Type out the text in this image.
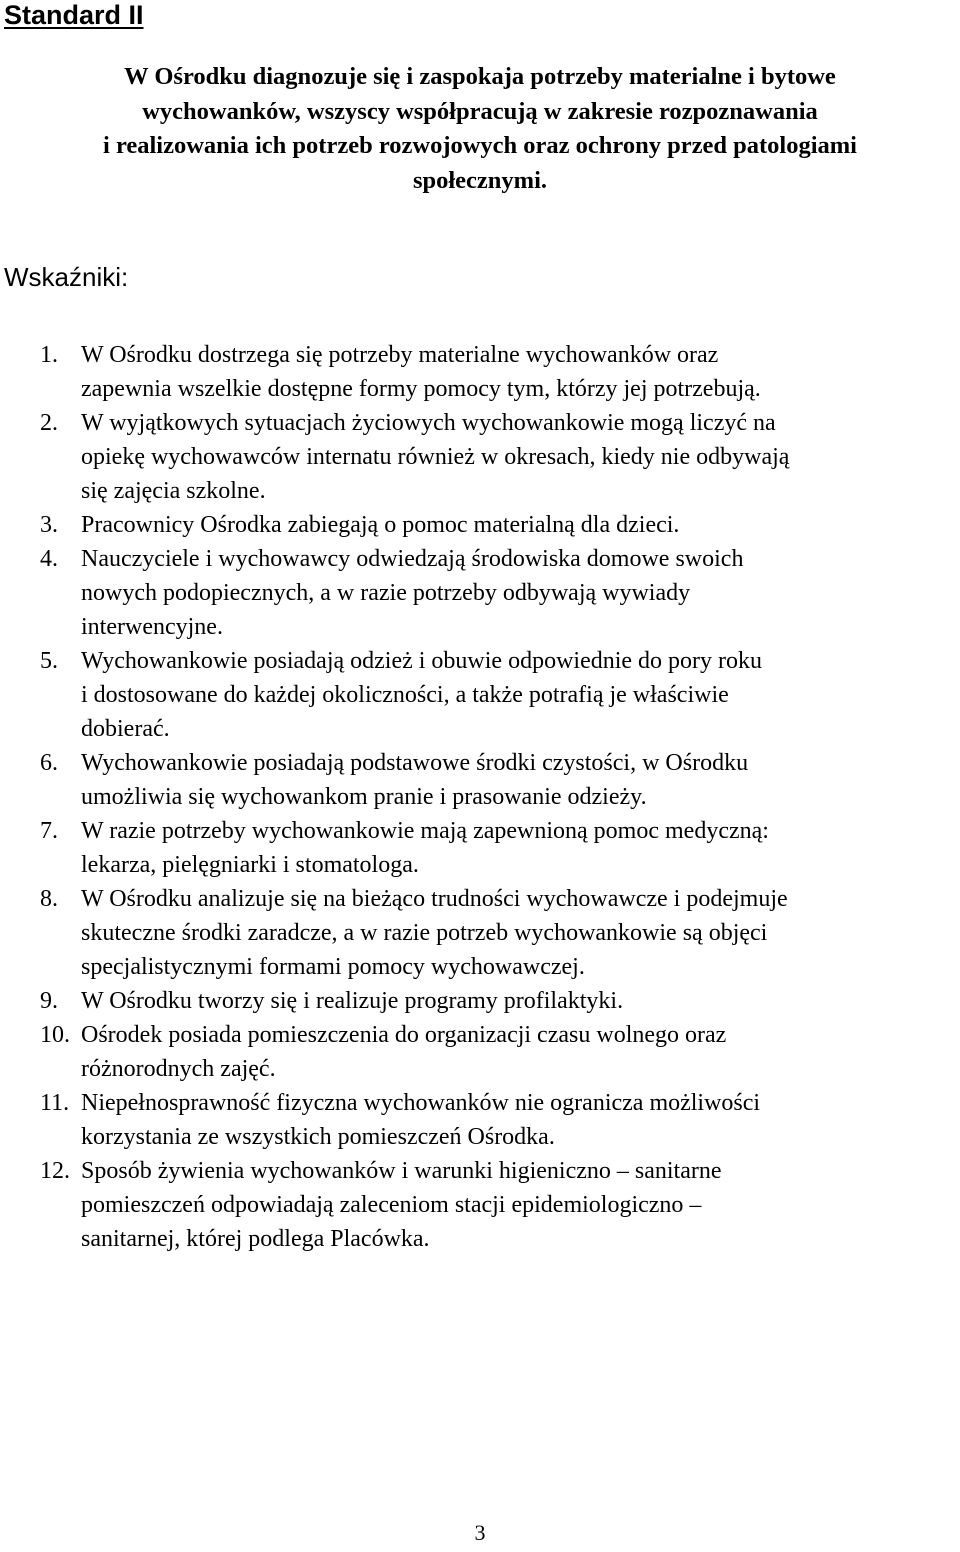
Standard II

W Ośrodku diagnozuje się i zaspokaja potrzeby materialne i bytowe
wychowanków, wszyscy współpracują w zakresie rozpoznawania
i realizowania ich potrzeb rozwojowych oraz ochrony przed patologiami
społecznymi.

Wskaźniki:
1. W Ośrodku dostrzega się potrzeby materialne wychowanków oraz
zapewnia wszelkie dostępne formy pomocy tym, którzy jej potrzebują.
2. W wyjątkowych sytuacjach życiowych wychowankowie mogą liczyć na
opiekę wychowawców internatu również w okresach, kiedy nie odbywają
się zajęcia szkolne.
3. Pracownicy Ośrodka zabiegają o pomoc materialną dla dzieci.
4. Nauczyciele i wychowawcy odwiedzają środowiska domowe swoich
nowych podopiecznych, a w razie potrzeby odbywają wywiady
interwencyjne.
5. Wychowankowie posiadają odzież i obuwie odpowiednie do pory roku
i dostosowane do każdej okoliczności, a także potrafią je właściwie
dobierać.
6. Wychowankowie posiadają podstawowe środki czystości, w Ośrodku
umożliwia się wychowankom pranie i prasowanie odzieży.
7. W razie potrzeby wychowankowie mają zapewnioną pomoc medyczną:
lekarza, pielęgniarki i stomatologa.
8. W Ośrodku analizuje się na bieżąco trudności wychowawcze i podejmuje
skuteczne środki zaradcze, a w razie potrzeb wychowankowie są objęci
specjalistycznymi formami pomocy wychowawczej.
9. W Ośrodku tworzy się i realizuje programy profilaktyki.
10. Ośrodek posiada pomieszczenia do organizacji czasu wolnego oraz
różnorodnych zajęć.
11. Niepełnosprawność fizyczna wychowanków nie ogranicza możliwości
korzystania ze wszystkich pomieszczeń Ośrodka.
12. Sposób żywienia wychowanków i warunki higieniczno – sanitarne
pomieszczeń odpowiadają zaleceniom stacji epidemiologiczno –
sanitarnej, której podlega Placówka.

3
